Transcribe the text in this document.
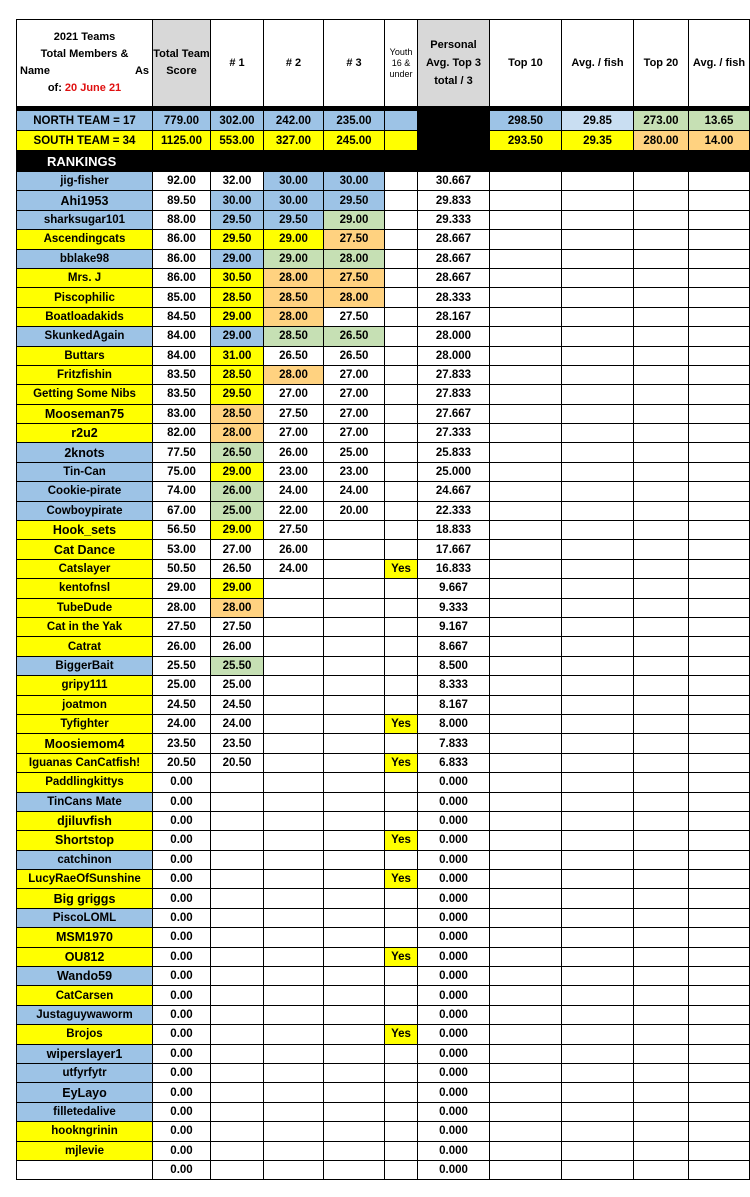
2021 Teams
Total Members &
Name As
of: 20 June 21	Total Team Score	# 1	# 2	# 3	Youth 16 & under	Personal Avg. Top 3 total / 3	Top 10	Avg. / fish	Top 20	Avg. / fish

NORTH TEAM = 17	779.00	302.00	242.00	235.00			298.50	29.85	273.00	13.65
SOUTH TEAM = 34	1125.00	553.00	327.00	245.00			293.50	29.35	280.00	14.00
RANKINGS										
jig-fisher	92.00	32.00	30.00	30.00		30.667				
Ahi1953	89.50	30.00	30.00	29.50		29.833				
sharksugar101	88.00	29.50	29.50	29.00		29.333				
Ascendingcats	86.00	29.50	29.00	27.50		28.667				
bblake98	86.00	29.00	29.00	28.00		28.667				
Mrs. J	86.00	30.50	28.00	27.50		28.667				
Piscophilic	85.00	28.50	28.50	28.00		28.333				
Boatloadakids	84.50	29.00	28.00	27.50		28.167				
SkunkedAgain	84.00	29.00	28.50	26.50		28.000				
Buttars	84.00	31.00	26.50	26.50		28.000				
Fritzfishin	83.50	28.50	28.00	27.00		27.833				
Getting Some Nibs	83.50	29.50	27.00	27.00		27.833				
Mooseman75	83.00	28.50	27.50	27.00		27.667				
r2u2	82.00	28.00	27.00	27.00		27.333				
2knots	77.50	26.50	26.00	25.00		25.833				
Tin-Can	75.00	29.00	23.00	23.00		25.000				
Cookie-pirate	74.00	26.00	24.00	24.00		24.667				
Cowboypirate	67.00	25.00	22.00	20.00		22.333				
Hook_sets	56.50	29.00	27.50			18.833				
Cat Dance	53.00	27.00	26.00			17.667				
Catslayer	50.50	26.50	24.00		Yes	16.833				
kentofnsl	29.00	29.00				9.667				
TubeDude	28.00	28.00				9.333				
Cat in the Yak	27.50	27.50				9.167				
Catrat	26.00	26.00				8.667				
BiggerBait	25.50	25.50				8.500				
gripy111	25.00	25.00				8.333				
joatmon	24.50	24.50				8.167				
Tyfighter	24.00	24.00			Yes	8.000				
Moosiemom4	23.50	23.50				7.833				
Iguanas CanCatfish!	20.50	20.50			Yes	6.833				
Paddlingkittys	0.00					0.000				
TinCans Mate	0.00					0.000				
djiluvfish	0.00					0.000				
Shortstop	0.00				Yes	0.000				
catchinon	0.00					0.000				
LucyRaeOfSunshine	0.00				Yes	0.000				
Big griggs	0.00					0.000				
PiscoLOML	0.00					0.000				
MSM1970	0.00					0.000				
OU812	0.00				Yes	0.000				
Wando59	0.00					0.000				
CatCarsen	0.00					0.000				
Justaguywaworm	0.00					0.000				
Brojos	0.00				Yes	0.000				
wiperslayer1	0.00					0.000				
utfyrfytr	0.00					0.000				
EyLayo	0.00					0.000				
filletedalive	0.00					0.000				
hookngrinin	0.00					0.000				
mjlevie	0.00					0.000				
	0.00					0.000				
